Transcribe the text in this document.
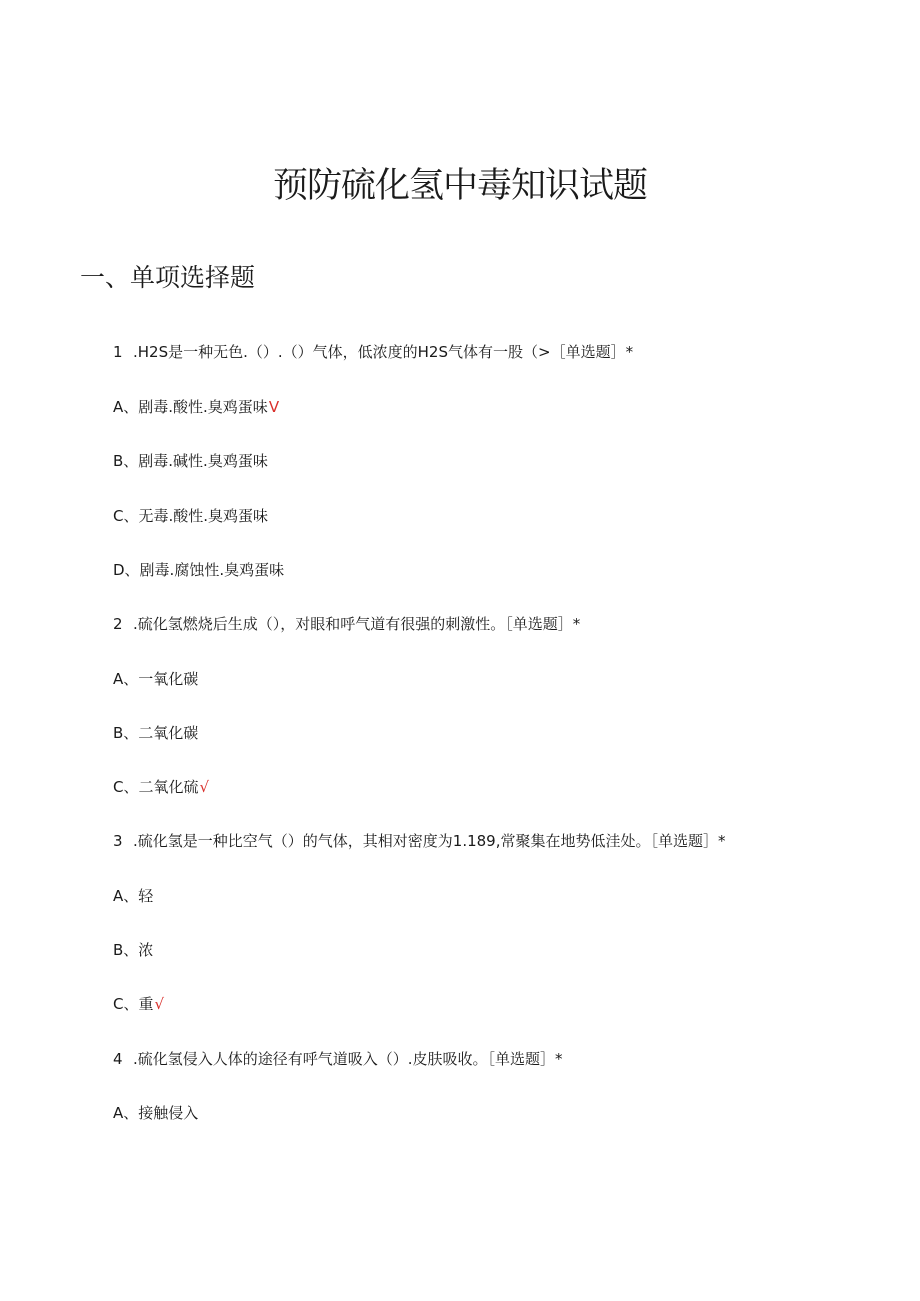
预防硫化氢中毒知识试题
一、单项选择题
1 .H2S是一种无色.（）.（）气体，低浓度的H2S气体有一股（>［单选题］*
A、剧毒.酸性.臭鸡蛋味V
B、剧毒.碱性.臭鸡蛋味
C、无毒.酸性.臭鸡蛋味
D、剧毒.腐蚀性.臭鸡蛋味
2 .硫化氢燃烧后生成（），对眼和呼气道有很强的刺激性。［单选题］*
A、一氧化碳
B、二氧化碳
C、二氧化硫√
3 .硫化氢是一种比空气（）的气体，其相对密度为1.189,常聚集在地势低洼处。［单选题］*
A、轻
B、浓
C、重√
4 .硫化氢侵入人体的途径有呼气道吸入（）.皮肤吸收。［单选题］*
A、接触侵入
